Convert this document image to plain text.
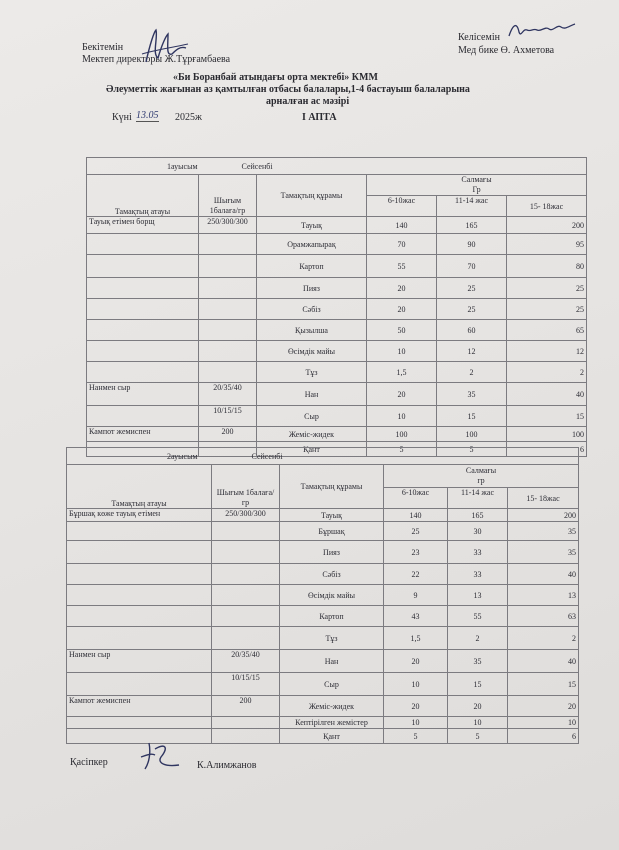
Бекітемін
Мектеп директоры Ж.Тұрғамбаева
Келісемін
Мед бике Ө. Ахметова
«Би Боранбай атындағы орта мектебі» КММ
Әлеуметтік жағынан аз қамтылған отбасы балалары,1-4 бастауыш балаларына
арналған ас мәзірі
Күні 13.05 2025ж	I АПТА
1ауысым Сейсенбі					
Тамақтың атауы	Шығым 1балаға/гр	Тамақтың құрамы	Салмағы
Гр		

			6-10жас	11-14 жас	15- 18жас
Тауық етімен борщ	250/300/300	Тауық	140	165	200
		Орамжапырақ	70	90	95
		Картоп	55	70	80
		Пияз	20	25	25
		Сәбіз	20	25	25
		Қызылша	50	60	65
		Өсімдік майы	10	12	12
		Тұз	1,5	2	2
Нанмен сыр	20/35/40	Нан	20	35	40
	10/15/15	Сыр	10	15	15
Кампот жемиспен	200	Жеміс-жидек	100	100	100
		Қант	5	5	6
2ауысым Сейсенбі					
Тамақтың атауы	Шығым 1балаға/гр	Тамақтың құрамы	Салмағы
гр		

			6-10жас	11-14 жас	15- 18жас
Бұршақ көже тауық етімен	250/300/300	Тауық	140	165	200
		Бұршақ	25	30	35
		Пияз	23	33	35
		Сәбіз	22	33	40
		Өсімдік майы	9	13	13
		Картоп	43	55	63
		Тұз	1,5	2	2
Нанмен сыр	20/35/40	Нан	20	35	40
	10/15/15	Сыр	10	15	15
Кампот жемиспен	200	Жеміс-жидек	20	20	20
		Кептірілген жемістер	10	10	10
		Қант	5	5	6
Қасіпкер	К.Алимжанов
